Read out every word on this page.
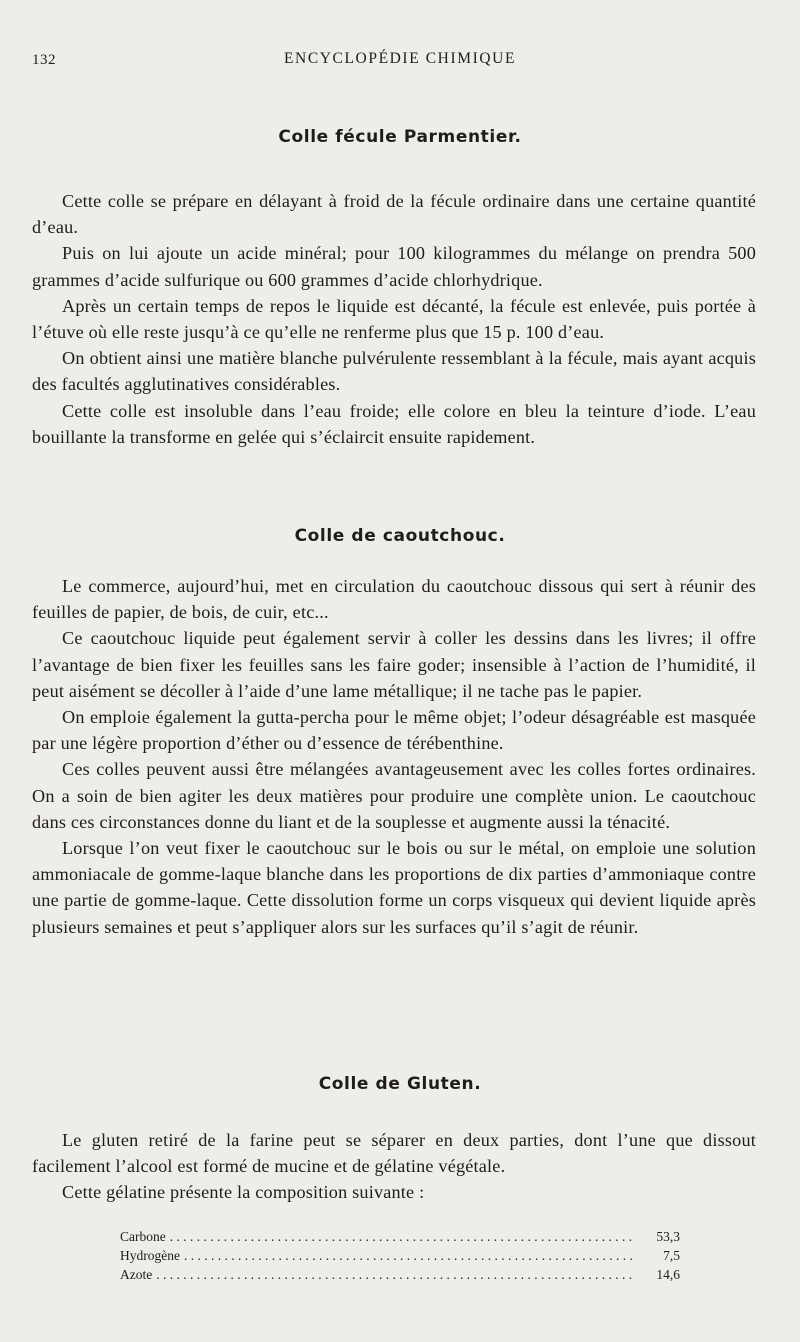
132	ENCYCLOPÉDIE CHIMIQUE
Colle fécule Parmentier.

Cette colle se prépare en délayant à froid de la fécule ordinaire dans une certaine quantité d’eau.

Puis on lui ajoute un acide minéral; pour 100 kilogrammes du mélange on prendra 500 grammes d’acide sulfurique ou 600 grammes d’acide chlorhydrique.

Après un certain temps de repos le liquide est décanté, la fécule est enlevée, puis portée à l’étuve où elle reste jusqu’à ce qu’elle ne renferme plus que 15 p. 100 d’eau.

On obtient ainsi une matière blanche pulvérulente ressemblant à la fécule, mais ayant acquis des facultés agglutinatives considérables.

Cette colle est insoluble dans l’eau froide; elle colore en bleu la teinture d’iode. L’eau bouillante la transforme en gelée qui s’éclaircit ensuite rapidement.

Colle de caoutchouc.

Le commerce, aujourd’hui, met en circulation du caoutchouc dissous qui sert à réunir des feuilles de papier, de bois, de cuir, etc...

Ce caoutchouc liquide peut également servir à coller les dessins dans les livres; il offre l’avantage de bien fixer les feuilles sans les faire goder; insensible à l’action de l’humidité, il peut aisément se décoller à l’aide d’une lame métallique; il ne tache pas le papier.

On emploie également la gutta-percha pour le même objet; l’odeur désagréable est masquée par une légère proportion d’éther ou d’essence de térébenthine.

Ces colles peuvent aussi être mélangées avantageusement avec les colles fortes ordinaires. On a soin de bien agiter les deux matières pour produire une complète union. Le caoutchouc dans ces circonstances donne du liant et de la souplesse et augmente aussi la ténacité.

Lorsque l’on veut fixer le caoutchouc sur le bois ou sur le métal, on emploie une solution ammoniacale de gomme-laque blanche dans les proportions de dix parties d’ammoniaque contre une partie de gomme-laque. Cette dissolution forme un corps visqueux qui devient liquide après plusieurs semaines et peut s’appliquer alors sur les surfaces qu’il s’agit de réunir.

Colle de Gluten.

Le gluten retiré de la farine peut se séparer en deux parties, dont l’une que dissout facilement l’alcool est formé de mucine et de gélatine végétale.

Cette gélatine présente la composition suivante :

Carbone . . .	53,3
Hydrogène . . .	7,5
Azote . . .	14,6
